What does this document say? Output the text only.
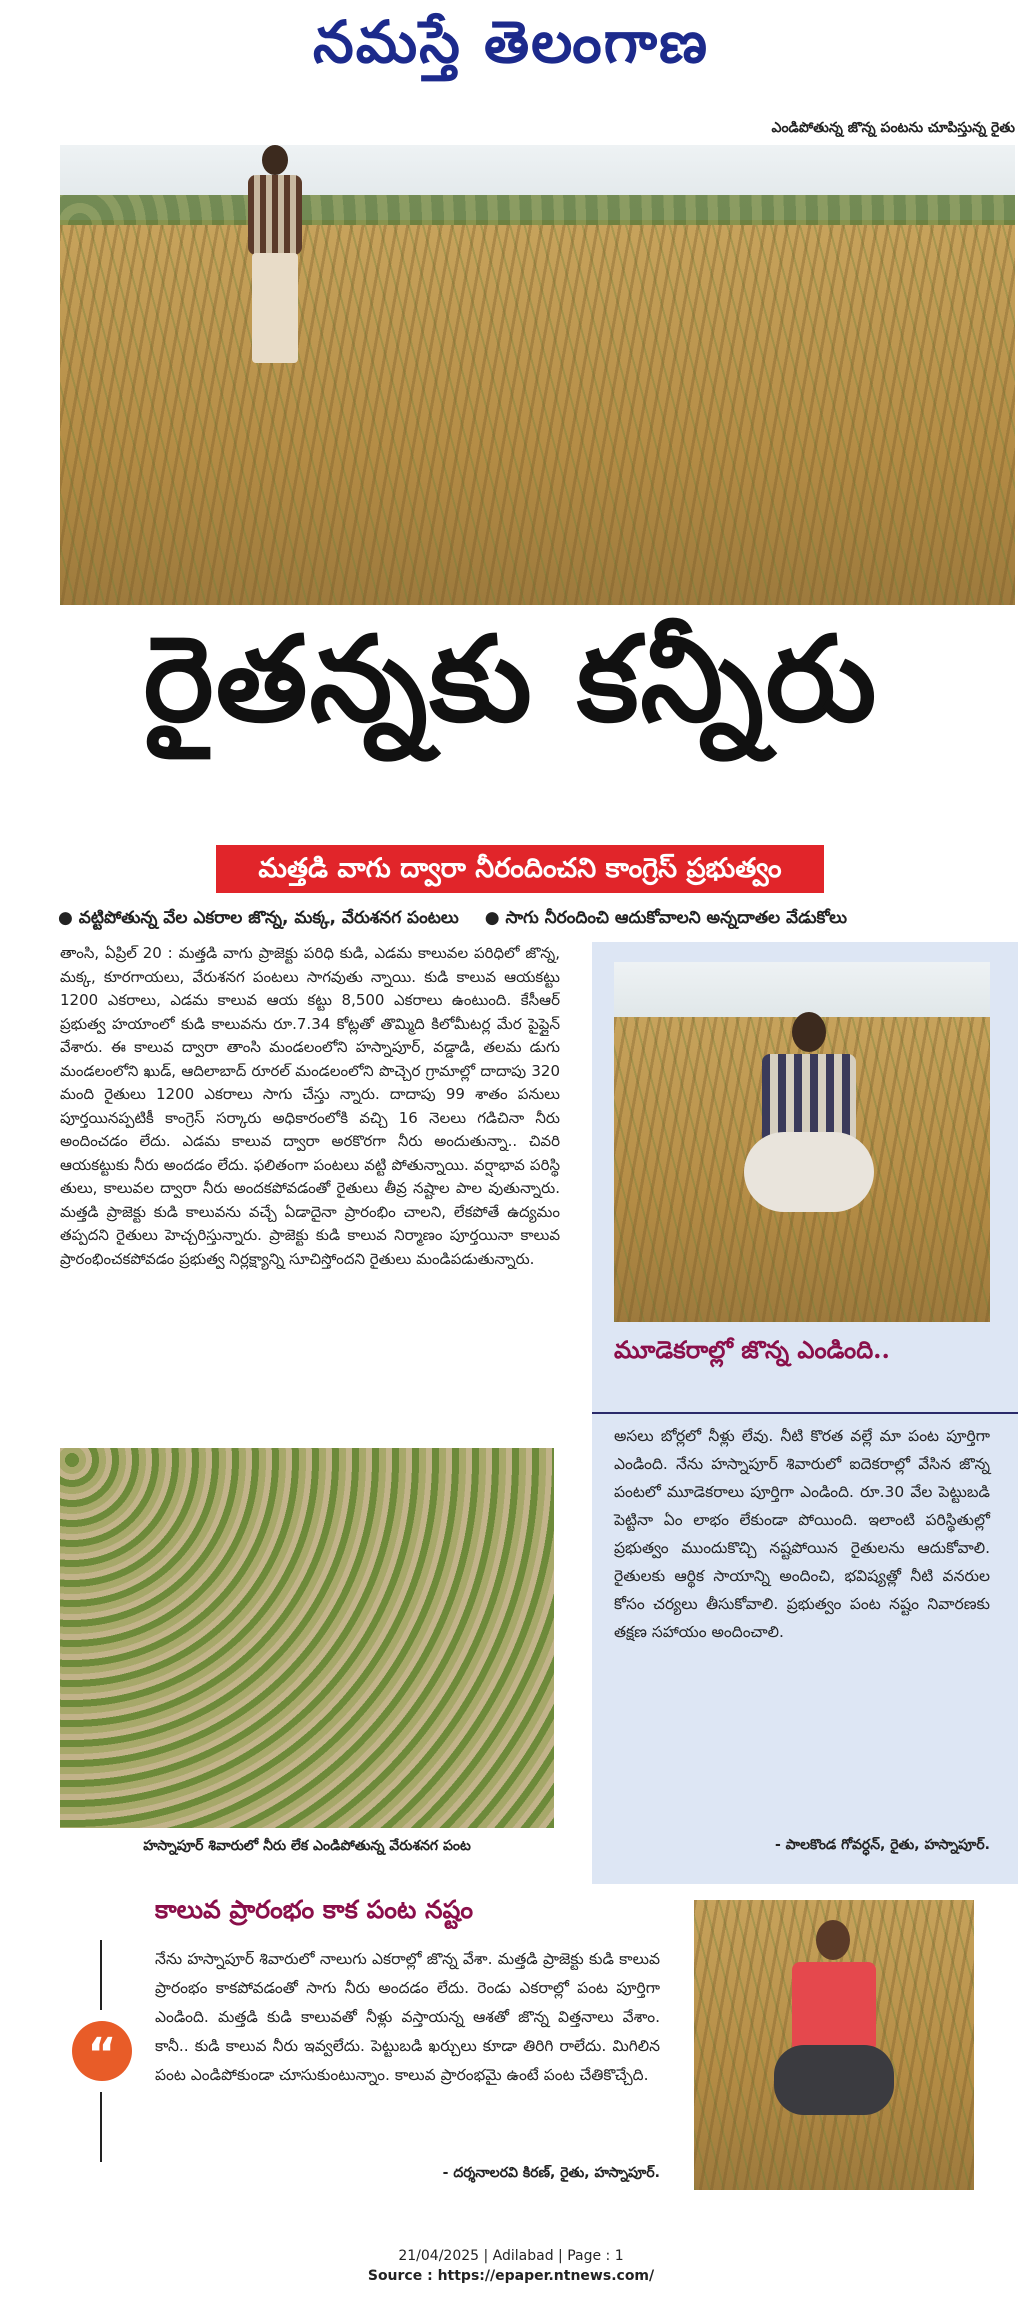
నమస్తే తెలంగాణ
ఎండిపోతున్న జొన్న పంటను చూపిస్తున్న రైతు
రైతన్నకు కన్నీరు
మత్తడి వాగు ద్వారా నీరందించని కాంగ్రెస్ ప్రభుత్వం
● వట్టిపోతున్న వేల ఎకరాల జొన్న, మక్క, వేరుశనగ పంటలు ● సాగు నీరందించి ఆదుకోవాలని అన్నదాతల వేడుకోలు
తాంసి, ఏప్రిల్ 20 : మత్తడి వాగు ప్రాజెక్టు పరిధి కుడి, ఎడమ కాలువల పరిధిలో జొన్న, మక్క, కూరగాయలు, వేరుశనగ పంటలు సాగవుతు న్నాయి. కుడి కాలువ ఆయకట్టు 1200 ఎకరాలు, ఎడమ కాలువ ఆయ కట్టు 8,500 ఎకరాలు ఉంటుంది. కేసీఆర్ ప్రభుత్వ హయాంలో కుడి కాలువను రూ.7.34 కోట్లతో తొమ్మిది కిలోమీటర్ల మేర పైప్లైన్ వేశారు. ఈ కాలువ ద్వారా తాంసి మండలంలోని హస్నాపూర్, వడ్డాడి, తలమ డుగు మండలంలోని ఖుడ్, ఆదిలాబాద్ రూరల్ మండలంలోని పొచ్చెర గ్రామాల్లో దాదాపు 320 మంది రైతులు 1200 ఎకరాలు సాగు చేస్తు న్నారు. దాదాపు 99 శాతం పనులు పూర్తయినప్పటికీ కాంగ్రెస్ సర్కారు అధికారంలోకి వచ్చి 16 నెలలు గడిచినా నీరు అందించడం లేదు. ఎడమ కాలువ ద్వారా అరకొరగా నీరు అందుతున్నా.. చివరి ఆయకట్టుకు నీరు అందడం లేదు. ఫలితంగా పంటలు వట్టి పోతున్నాయి. వర్షాభావ పరిస్థి తులు, కాలువల ద్వారా నీరు అందకపోవడంతో రైతులు తీవ్ర నష్టాల పాల వుతున్నారు. మత్తడి ప్రాజెక్టు కుడి కాలువను వచ్చే ఏడాదైనా ప్రారంభిం చాలని, లేకపోతే ఉద్యమం తప్పదని రైతులు హెచ్చరిస్తున్నారు. ప్రాజెక్టు కుడి కాలువ నిర్మాణం పూర్తయినా కాలువ ప్రారంభించకపోవడం ప్రభుత్వ నిర్లక్ష్యాన్ని సూచిస్తోందని రైతులు మండిపడుతున్నారు.
మూడెకరాల్లో జొన్న ఎండింది..
అసలు బోర్లలో నీళ్లు లేవు. నీటి కొరత వల్లే మా పంట పూర్తిగా ఎండింది. నేను హస్నాపూర్ శివారులో ఐదెకరాల్లో వేసిన జొన్న పంటలో మూడెకరాలు పూర్తిగా ఎండింది. రూ.30 వేల పెట్టుబడి పెట్టినా ఏం లాభం లేకుండా పోయింది. ఇలాంటి పరిస్థితుల్లో ప్రభుత్వం ముందుకొచ్చి నష్టపోయిన రైతులను ఆదుకోవాలి. రైతులకు ఆర్థిక సాయాన్ని అందించి, భవిష్యత్లో నీటి వనరుల కోసం చర్యలు తీసుకోవాలి. ప్రభుత్వం పంట నష్టం నివారణకు తక్షణ సహాయం అందించాలి.
- పాలకొండ గోవర్ధన్, రైతు, హస్నాపూర్.
హస్నాపూర్ శివారులో నీరు లేక ఎండిపోతున్న వేరుశనగ పంట
కాలువ ప్రారంభం కాక పంట నష్టం
“
నేను హస్నాపూర్ శివారులో నాలుగు ఎకరాల్లో జొన్న వేశా. మత్తడి ప్రాజెక్టు కుడి కాలువ ప్రారంభం కాకపోవడంతో సాగు నీరు అందడం లేదు. రెండు ఎకరాల్లో పంట పూర్తిగా ఎండింది. మత్తడి కుడి కాలువతో నీళ్లు వస్తాయన్న ఆశతో జొన్న విత్తనాలు వేశాం. కానీ.. కుడి కాలువ నీరు ఇవ్వలేదు. పెట్టుబడి ఖర్చులు కూడా తిరిగి రాలేదు. మిగిలిన పంట ఎండిపోకుండా చూసుకుంటున్నాం. కాలువ ప్రారంభమై ఉంటే పంట చేతికొచ్చేది.
- దర్శనాలరవి కిరణ్, రైతు, హస్నాపూర్.
21/04/2025 | Adilabad | Page : 1
Source : https://epaper.ntnews.com/
